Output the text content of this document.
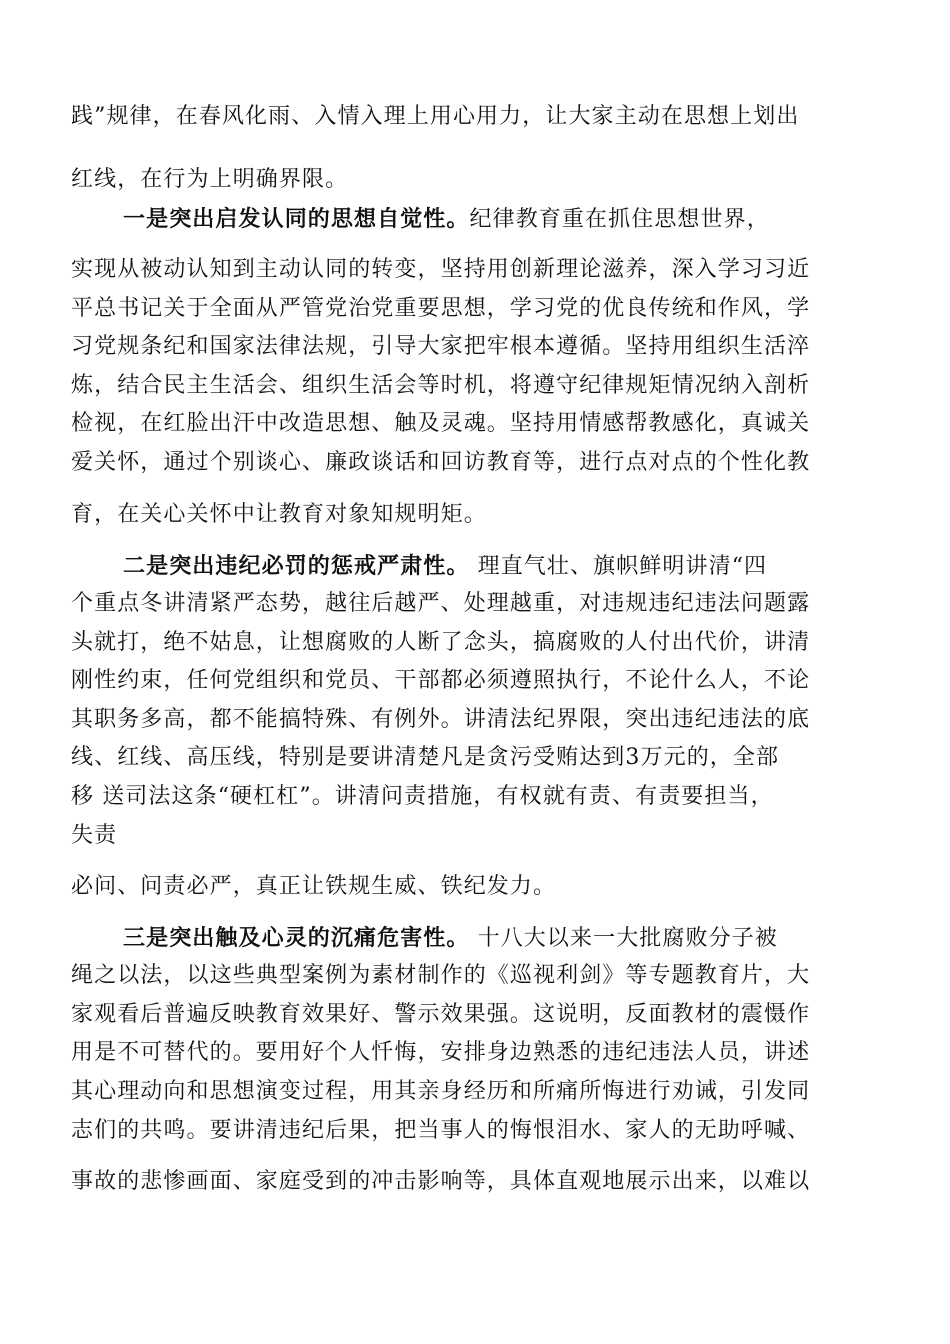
践”规律，在春风化雨、入情入理上用心用力，让大家主动在思想上划出
红线，在行为上明确界限。
一是突出启发认同的思想自觉性。纪律教育重在抓住思想世界，
实现从被动认知到主动认同的转变，坚持用创新理论滋养，深入学习习近
平总书记关于全面从严管党治党重要思想，学习党的优良传统和作风，学
习党规条纪和国家法律法规，引导大家把牢根本遵循。坚持用组织生活淬
炼，结合民主生活会、组织生活会等时机，将遵守纪律规矩情况纳入剖析
检视，在红脸出汗中改造思想、触及灵魂。坚持用情感帮教感化，真诚关
爱关怀，通过个别谈心、廉政谈话和回访教育等，进行点对点的个性化教
育，在关心关怀中让教育对象知规明矩。
二是突出违纪必罚的惩戒严肃性。 理直气壮、旗帜鲜明讲清“四
个重点冬讲清紧严态势，越往后越严、处理越重，对违规违纪违法问题露
头就打，绝不姑息，让想腐败的人断了念头，搞腐败的人付出代价，讲清
刚性约束，任何党组织和党员、干部都必须遵照执行，不论什么人，不论
其职务多高，都不能搞特殊、有例外。讲清法纪界限，突出违纪违法的底
线、红线、高压线，特别是要讲清楚凡是贪污受贿达到3万元的，全部
移 送司法这条“硬杠杠”。讲清问责措施，有权就有责、有责要担当，
失责
必问、问责必严，真正让铁规生威、铁纪发力。
三是突出触及心灵的沉痛危害性。 十八大以来一大批腐败分子被
绳之以法，以这些典型案例为素材制作的《巡视利剑》等专题教育片，大
家观看后普遍反映教育效果好、警示效果强。这说明，反面教材的震慑作
用是不可替代的。要用好个人忏悔，安排身边熟悉的违纪违法人员，讲述
其心理动向和思想演变过程，用其亲身经历和所痛所悔进行劝诫，引发同
志们的共鸣。要讲清违纪后果，把当事人的悔恨泪水、家人的无助呼喊、
事故的悲惨画面、家庭受到的冲击影响等，具体直观地展示出来，以难以
